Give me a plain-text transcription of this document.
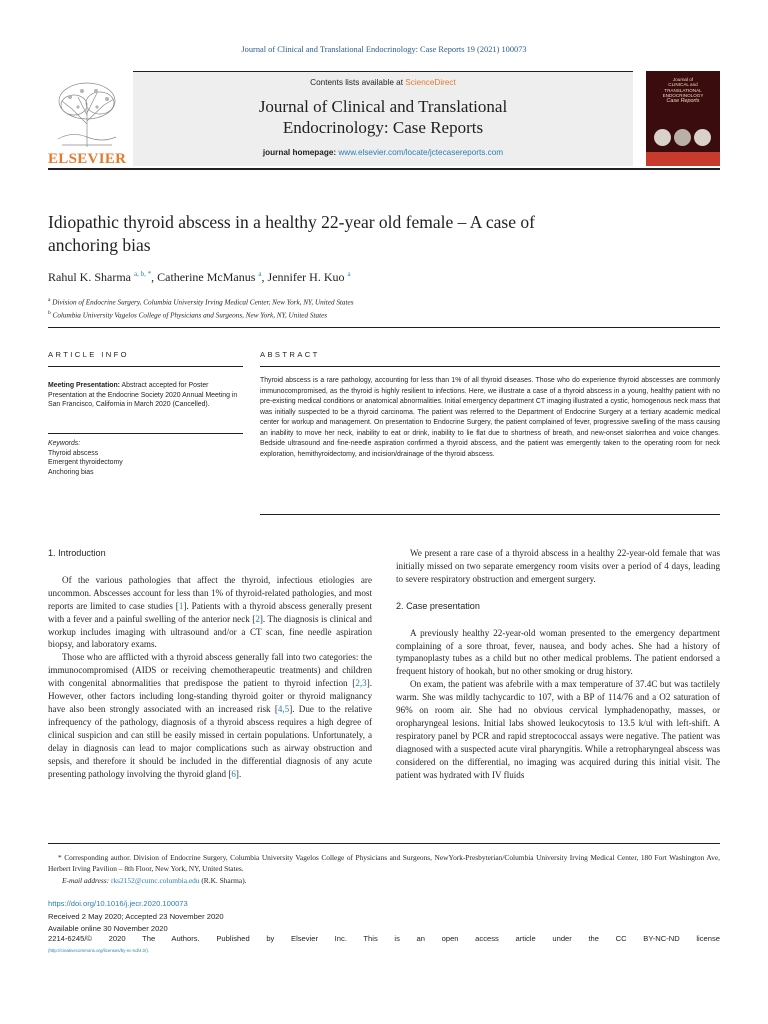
Journal of Clinical and Translational Endocrinology: Case Reports 19 (2021) 100073
ELSEVIER
Contents lists available at ScienceDirect
Journal of Clinical and Translational
Endocrinology: Case Reports
journal homepage: www.elsevier.com/locate/jctecasereports.com
Journal of
CLINICAL and
TRANSLATIONAL
ENDOCRINOLOGY
Case Reports
Idiopathic thyroid abscess in a healthy 22-year old female – A case of anchoring bias
Rahul K. Sharma $^{a, b, *}$, Catherine McManus $^a$, Jennifer H. Kuo $^a$
$^a$ Division of Endocrine Surgery, Columbia University Irving Medical Center, New York, NY, United States
$^b$ Columbia University Vagelos College of Physicians and Surgeons, New York, NY, United States
ARTICLE INFO	ABSTRACT
Meeting Presentation: Abstract accepted for Poster Presentation at the Endocrine Society 2020 Annual Meeting in San Francisco, California in March 2020 (Cancelled).
Keywords:
Thyroid abscess
Emergent thyroidectomy
Anchoring bias
Thyroid abscess is a rare pathology, accounting for less than 1% of all thyroid diseases. Those who do experience thyroid abscesses are commonly immunocompromised, as the thyroid is highly resilient to infections. Here, we illustrate a case of a thyroid abscess in a young, healthy patient with no pre-existing medical conditions or anatomical abnormalities. Initial emergency department CT imaging illustrated a cystic, homogenous neck mass that was initially suspected to be a thyroid carcinoma. The patient was referred to the Department of Endocrine Surgery at a tertiary academic medical center for workup and management. On presentation to Endocrine Surgery, the patient complained of fever, progressive swelling of the mass causing an inability to move her neck, inability to eat or drink, inability to lie flat due to shortness of breath, and new-onset sialorrhea and voice changes. Bedside ultrasound and fine-needle aspiration confirmed a thyroid abscess, and the patient was emergently taken to the operating room for neck exploration, hemithyroidectomy, and incision/drainage of the thyroid abscess.
1. Introduction

Of the various pathologies that affect the thyroid, infectious etiologies are uncommon. Abscesses account for less than 1% of thyroid-related pathologies, and most reports are limited to case studies [1]. Patients with a thyroid abscess generally present with a fever and a painful swelling of the anterior neck [2]. The diagnosis is clinical and workup includes imaging with ultrasound and/or a CT scan, fine needle aspiration biopsy, and laboratory exams.

Those who are afflicted with a thyroid abscess generally fall into two categories: the immunocompromised (AIDS or receiving chemotherapeutic treatments) and children with congenital abnormalities that predispose the patient to thyroid infection [2,3]. However, other factors including long-standing thyroid goiter or thyroid malignancy have also been strongly associated with an increased risk [4,5]. Due to the relative infrequency of the pathology, diagnosis of a thyroid abscess requires a high degree of clinical suspicion and can still be easily missed in certain populations. Unfortunately, a delay in diagnosis can lead to major complications such as airway obstruction and sepsis, and therefore it should be included in the differential diagnosis of any acute presenting pathology involving the thyroid gland [6].

We present a rare case of a thyroid abscess in a healthy 22-year-old female that was initially missed on two separate emergency room visits over a period of 4 days, leading to severe respiratory obstruction and emergent surgery.

2. Case presentation

A previously healthy 22-year-old woman presented to the emergency department complaining of a sore throat, fever, nausea, and body aches. She had a history of tympanoplasty tubes as a child but no other medical problems. The patient endorsed a frequent history of hookah, but no other smoking or drug history.

On exam, the patient was afebrile with a max temperature of 37.4C but was tactilely warm. She was mildly tachycardic to 107, with a BP of 114/76 and a O2 saturation of 96% on room air. She had no obvious cervical lymphadenopathy, masses, or oropharyngeal lesions. Initial labs showed leukocytosis to 13.5 k/ul with left-shift. A respiratory panel by PCR and rapid streptococcal assays were negative. The patient was diagnosed with a suspected acute viral pharyngitis. While a retropharyngeal abscess was considered on the differential, no imaging was acquired during this initial visit. The patient was hydrated with IV fluids

* Corresponding author. Division of Endocrine Surgery, Columbia University Vagelos College of Physicians and Surgeons, NewYork-Presbyterian/Columbia University Irving Medical Center, 180 Fort Washington Ave, Herbert Irving Pavilion – 8th Floor, New York, NY, United States.
E-mail address: rks2152@cumc.columbia.edu (R.K. Sharma).
https://doi.org/10.1016/j.jecr.2020.100073
Received 2 May 2020; Accepted 23 November 2020
Available online 30 November 2020
2214-6245/© 2020 The Authors. Published by Elsevier Inc. This is an open access article under the CC BY-NC-ND license
(http://creativecommons.org/licenses/by-nc-nd/4.0/).
